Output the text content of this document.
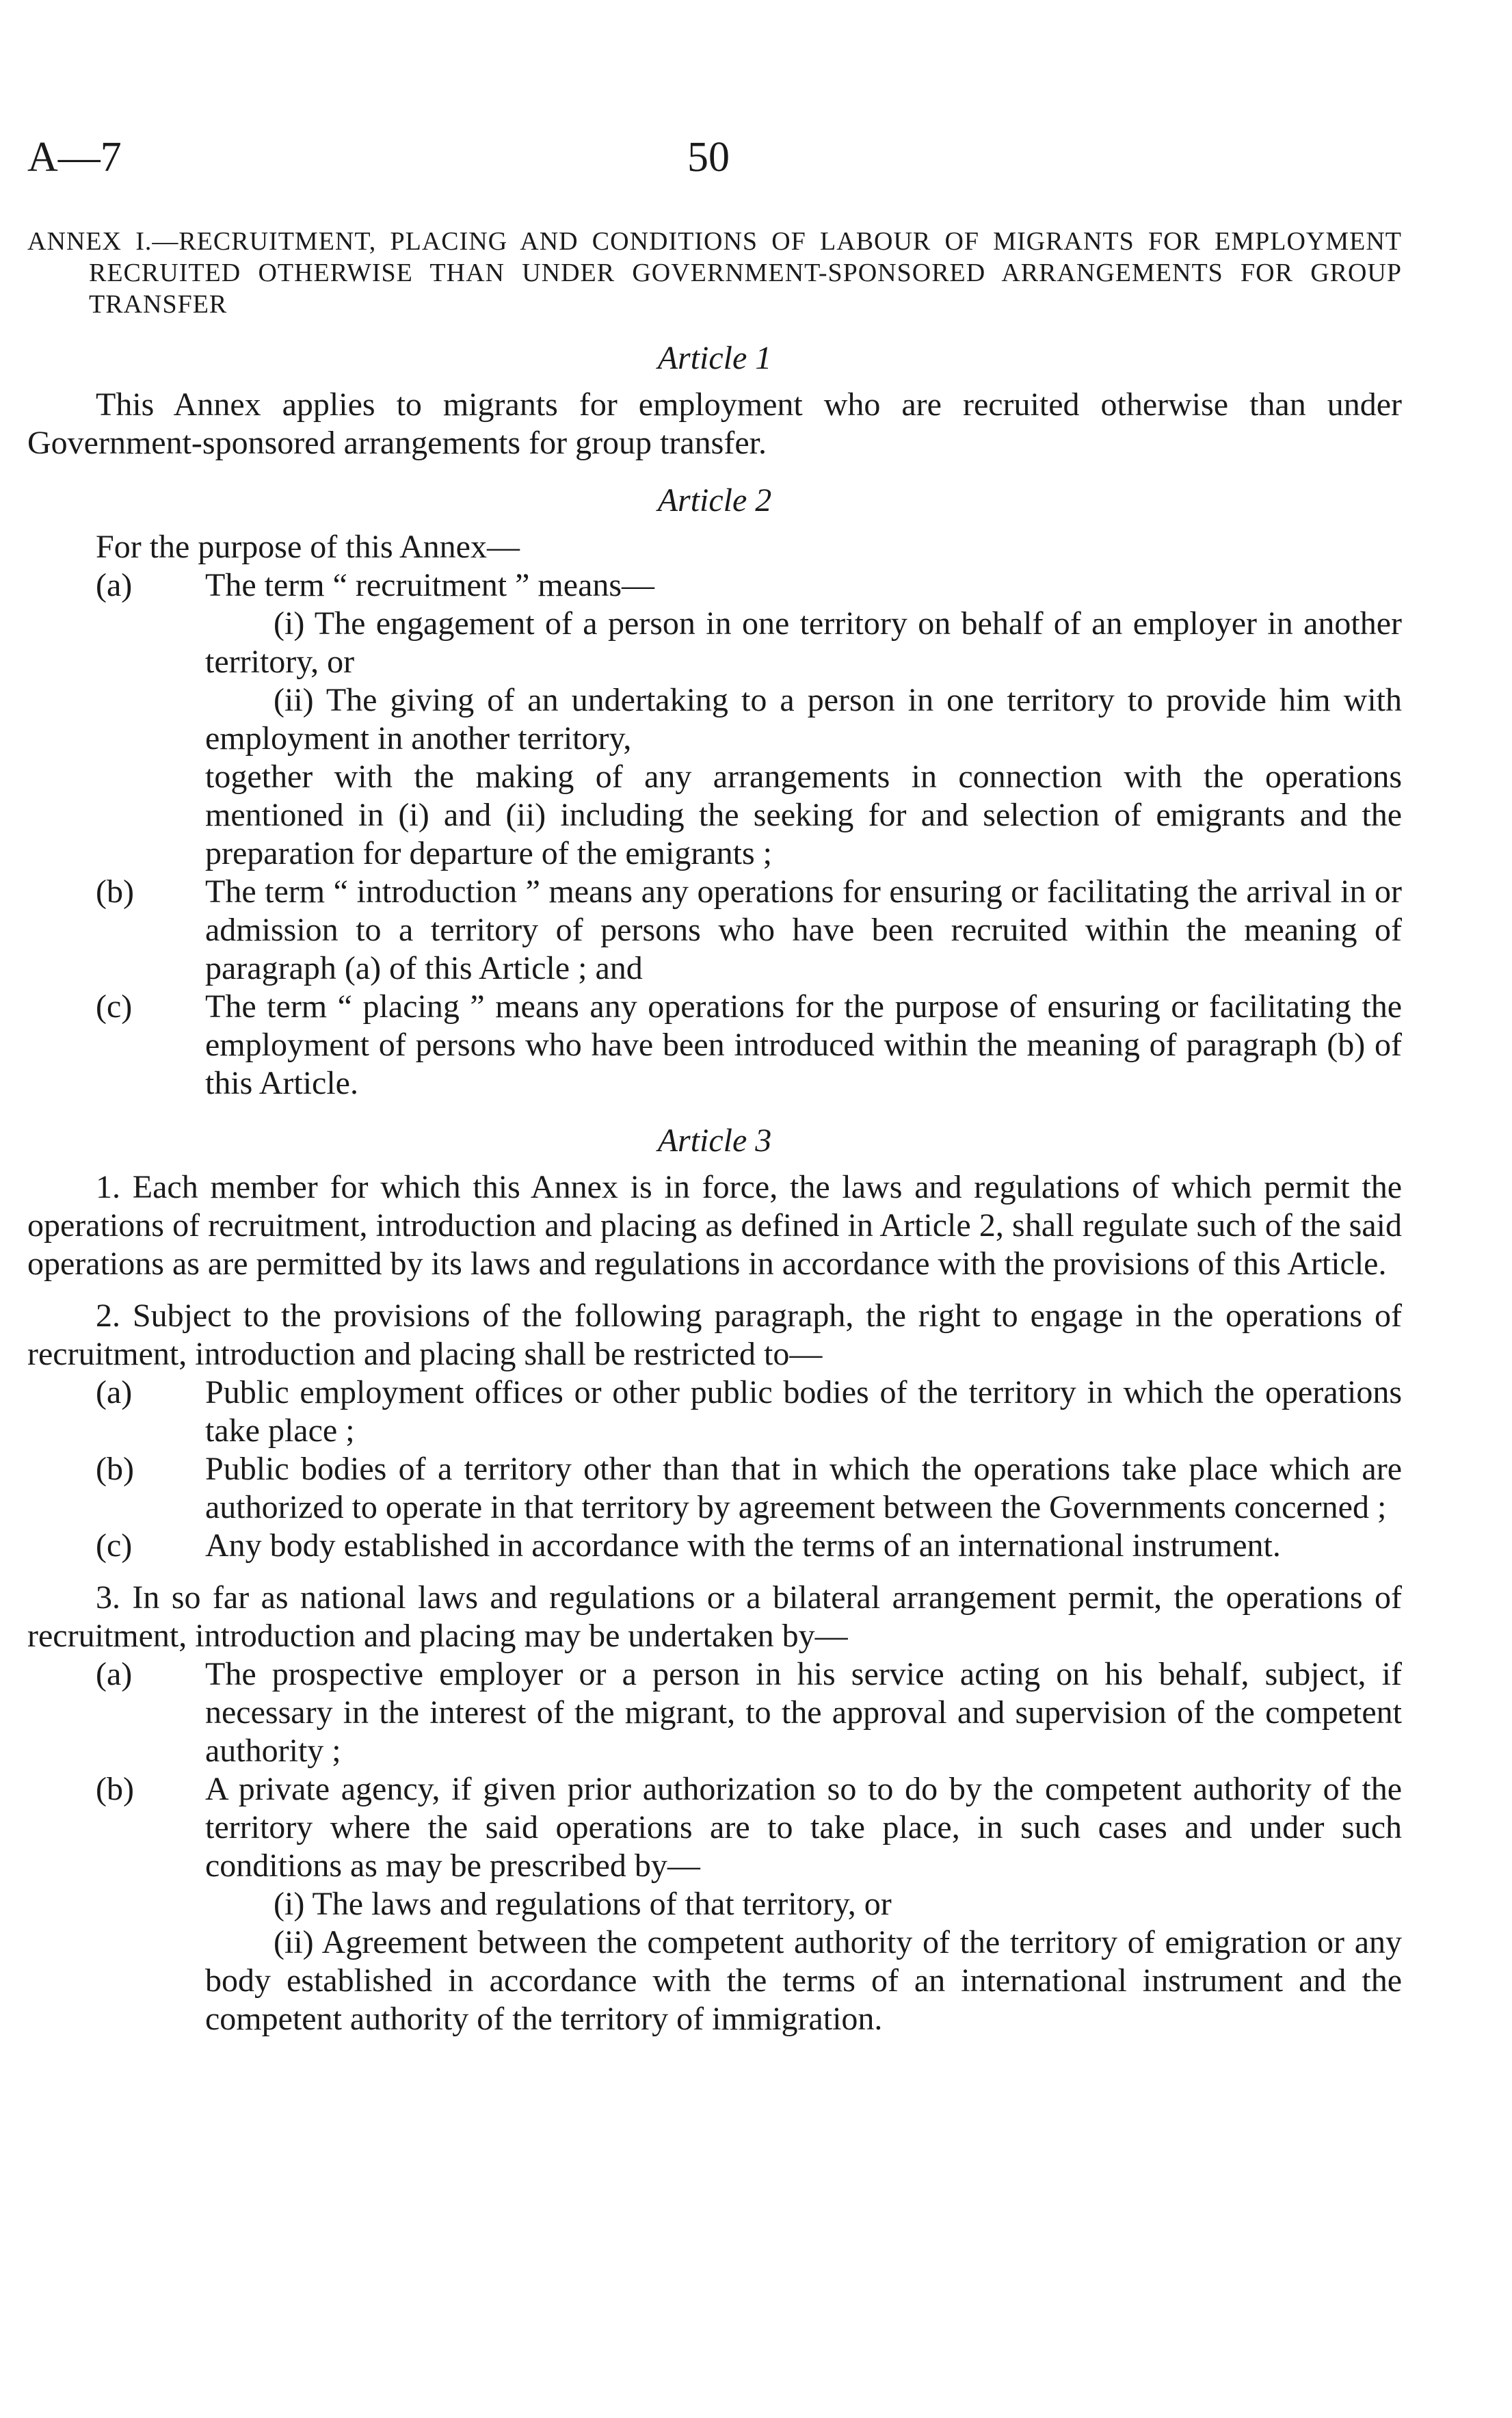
A—7	50

ANNEX I.—RECRUITMENT, PLACING AND CONDITIONS OF LABOUR OF MIGRANTS FOR EMPLOYMENT RECRUITED OTHERWISE THAN UNDER GOVERNMENT-SPONSORED ARRANGEMENTS FOR GROUP TRANSFER

Article 1

This Annex applies to migrants for employment who are recruited otherwise than under Government-sponsored arrangements for group transfer.

Article 2

For the purpose of this Annex—

(a) The term “ recruitment ” means—

(i) The engagement of a person in one territory on behalf of an employer in another territory, or

(ii) The giving of an undertaking to a person in one territory to provide him with employment in another territory,

together with the making of any arrangements in connection with the operations mentioned in (i) and (ii) including the seeking for and selection of emigrants and the preparation for departure of the emigrants ;

(b) The term “ introduction ” means any operations for ensuring or facilitating the arrival in or admission to a territory of persons who have been recruited within the meaning of paragraph (a) of this Article ; and

(c) The term “ placing ” means any operations for the purpose of ensuring or facilitating the employment of persons who have been introduced within the meaning of paragraph (b) of this Article.

Article 3

1. Each member for which this Annex is in force, the laws and regulations of which permit the operations of recruitment, introduction and placing as defined in Article 2, shall regulate such of the said operations as are permitted by its laws and regulations in accordance with the provisions of this Article.

2. Subject to the provisions of the following paragraph, the right to engage in the operations of recruitment, introduction and placing shall be restricted to—

(a) Public employment offices or other public bodies of the territory in which the operations take place ;

(b) Public bodies of a territory other than that in which the operations take place which are authorized to operate in that territory by agreement between the Governments concerned ;

(c) Any body established in accordance with the terms of an international instrument.

3. In so far as national laws and regulations or a bilateral arrangement permit, the operations of recruitment, introduction and placing may be undertaken by—

(a) The prospective employer or a person in his service acting on his behalf, subject, if necessary in the interest of the migrant, to the approval and supervision of the competent authority ;

(b) A private agency, if given prior authorization so to do by the competent authority of the territory where the said operations are to take place, in such cases and under such conditions as may be prescribed by—

(i) The laws and regulations of that territory, or

(ii) Agreement between the competent authority of the territory of emigration or any body established in accordance with the terms of an international instrument and the competent authority of the territory of immigration.
